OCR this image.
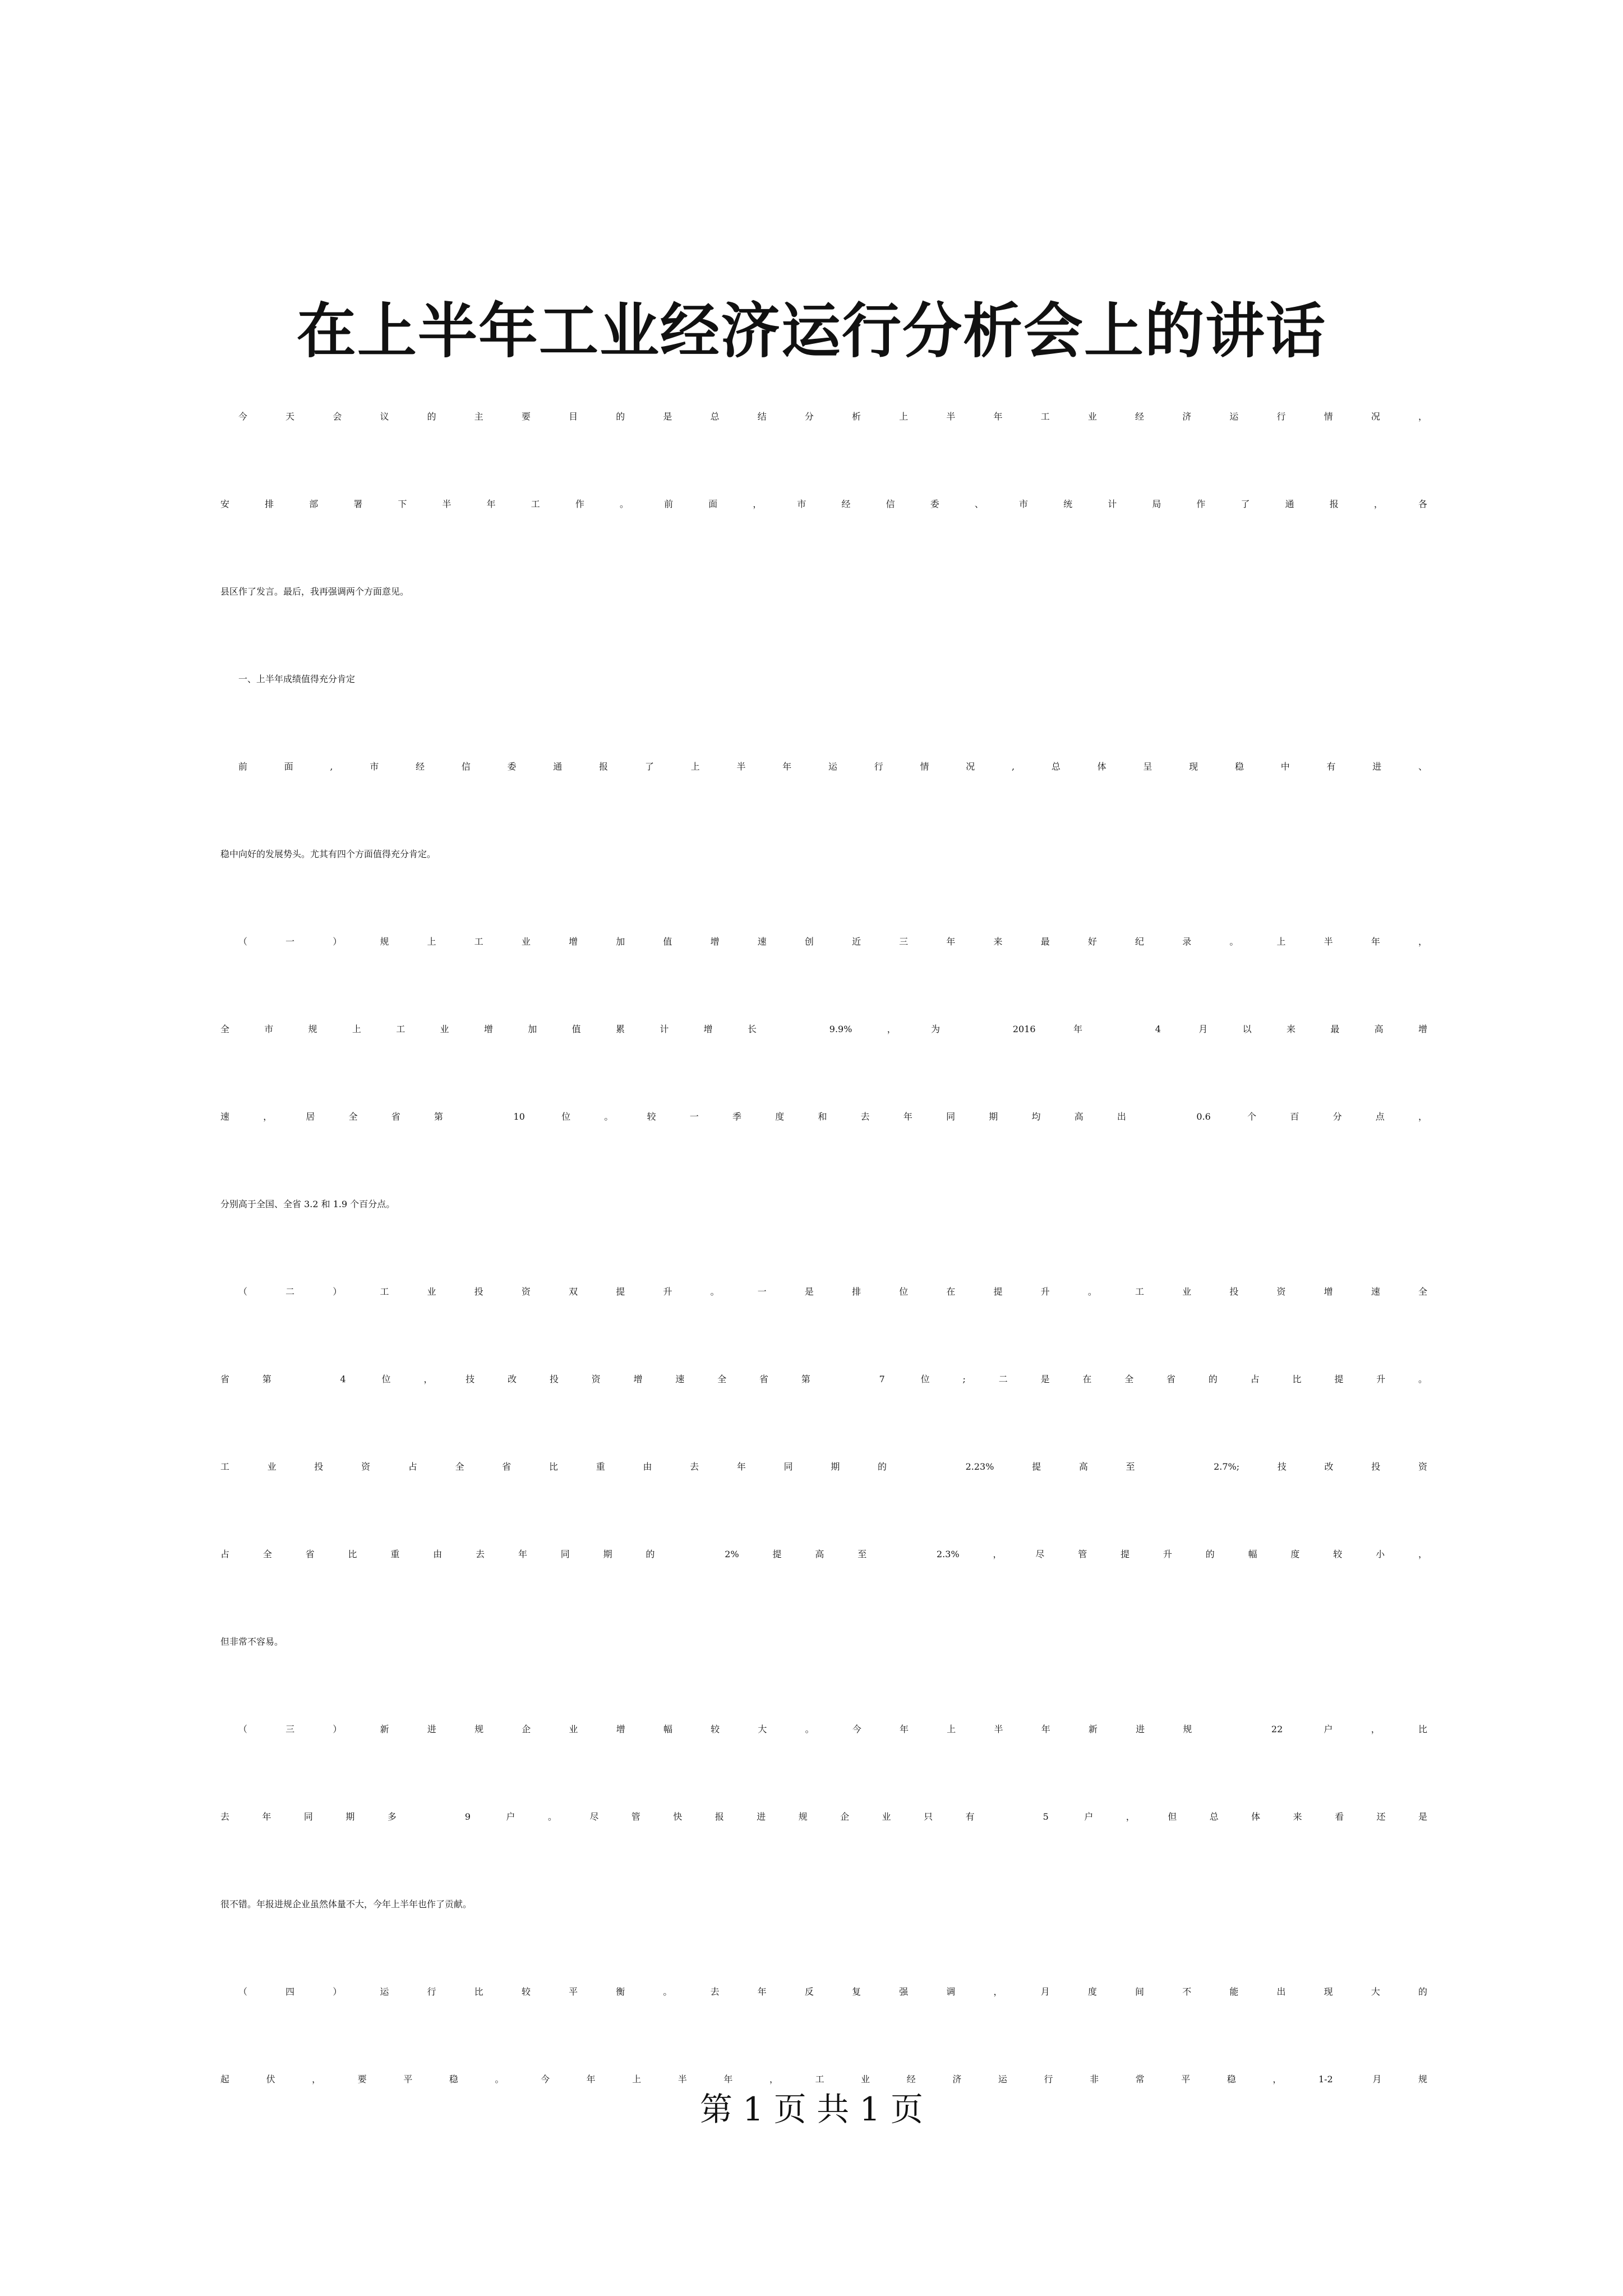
在上半年工业经济运行分析会上的讲话
今天会议的主要目的是总结分析上半年工业经济运行情况，
安排部署下半年工作。前面，市经信委、市统计局作了通报，各
县区作了发言。最后，我再强调两个方面意见。
一、上半年成绩值得充分肯定
前面,市经信委通报了上半年运行情况,总体呈现稳中有进、
稳中向好的发展势头。尤其有四个方面值得充分肯定。
（一）规上工业增加值增速创近三年来最好纪录。上半年，
全市规上工业增加值累计增长 9.9%，为 2016 年 4 月以来最高增
速，居全省第 10 位。较一季度和去年同期均高出 0.6 个百分点，
分别高于全国、全省 3.2 和 1.9 个百分点。
（二）工业投资双提升。一是排位在提升。工业投资增速全
省第 4 位，技改投资增速全省第 7 位;二是在全省的占比提升。
工业投资占全省比重由去年同期的 2.23%提高至 2.7%;技改投资
占全省比重由去年同期的 2%提高至 2.3%，尽管提升的幅度较小，
但非常不容易。
（三）新进规企业增幅较大。今年上半年新进规 22 户，比
去年同期多 9 户。尽管快报进规企业只有 5 户，但总体来看还是
很不错。年报进规企业虽然体量不大，今年上半年也作了贡献。
（四）运行比较平衡。去年反复强调，月度间不能出现大的
起伏，要平稳。今年上半年，工业经济运行非常平稳，1-2 月规
第 1 页 共 1 页
